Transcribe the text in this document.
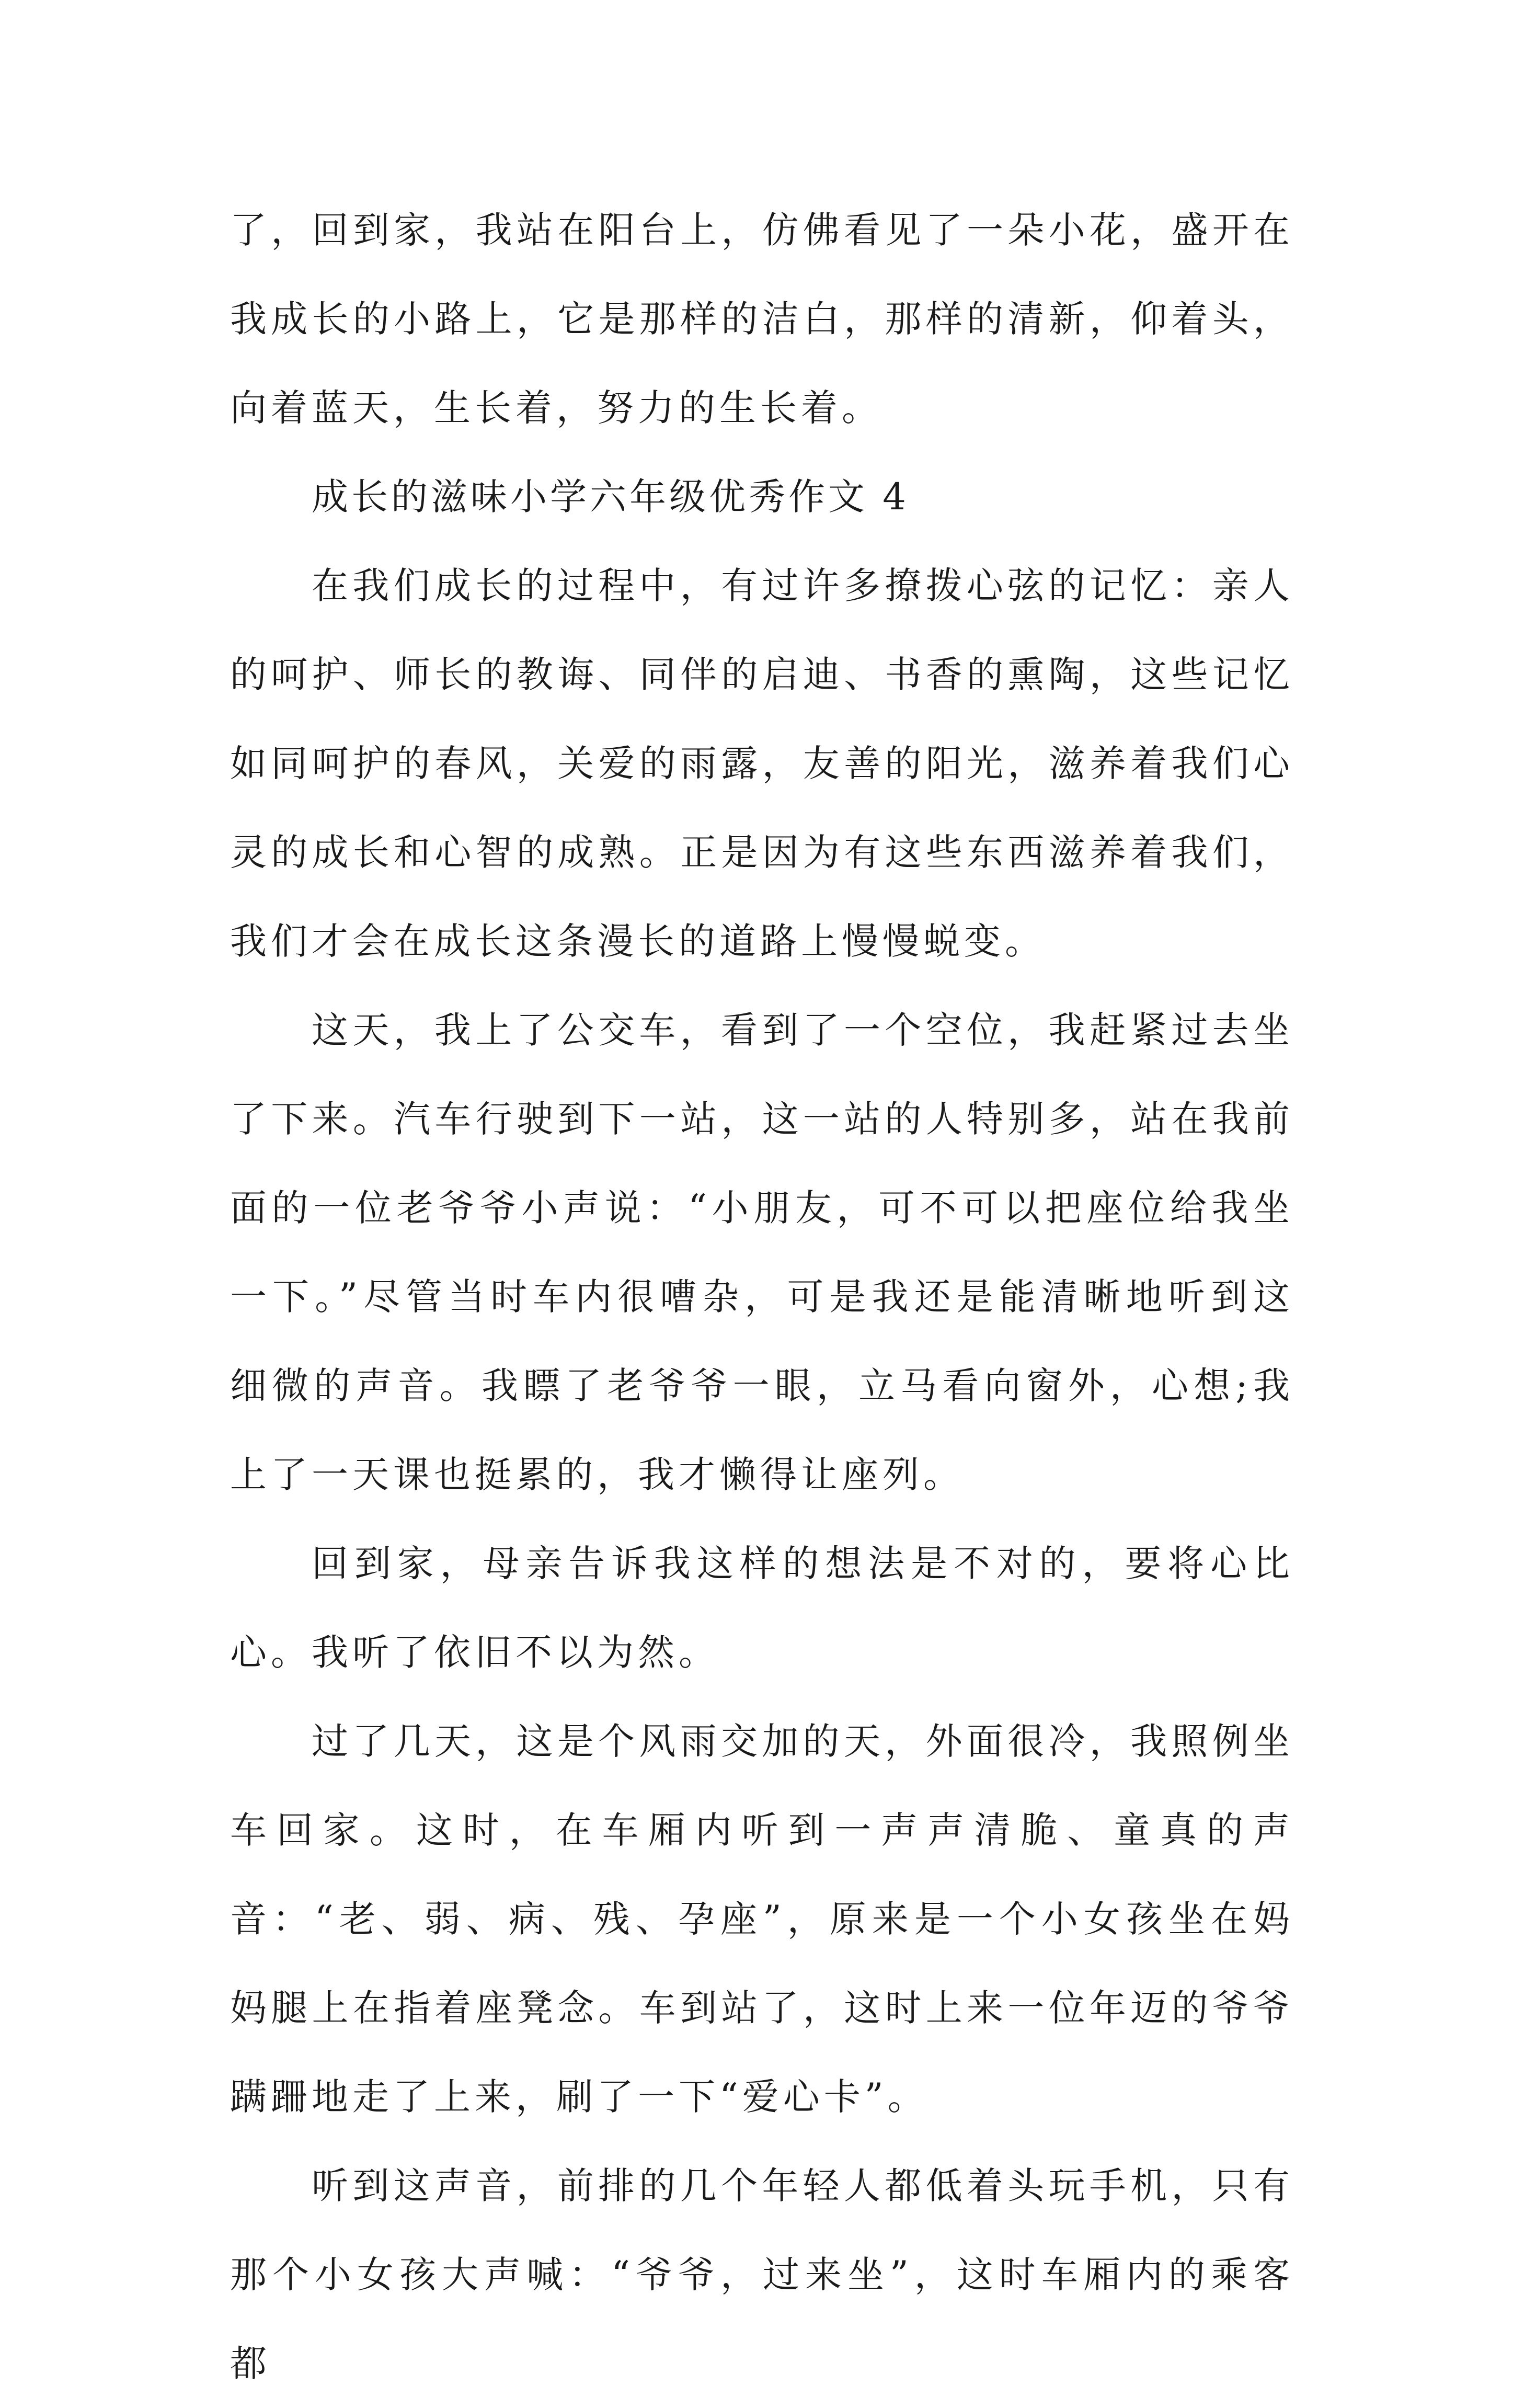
了，回到家，我站在阳台上，仿佛看见了一朵小花，盛开在我成长的小路上，它是那样的洁白，那样的清新，仰着头，向着蓝天，生长着，努力的生长着。

成长的滋味小学六年级优秀作文 4

在我们成长的过程中，有过许多撩拨心弦的记忆：亲人的呵护、师长的教诲、同伴的启迪、书香的熏陶，这些记忆如同呵护的春风，关爱的雨露，友善的阳光，滋养着我们心灵的成长和心智的成熟。正是因为有这些东西滋养着我们，我们才会在成长这条漫长的道路上慢慢蜕变。

这天，我上了公交车，看到了一个空位，我赶紧过去坐了下来。汽车行驶到下一站，这一站的人特别多，站在我前面的一位老爷爷小声说：“小朋友，可不可以把座位给我坐一下。”尽管当时车内很嘈杂，可是我还是能清晰地听到这细微的声音。我瞟了老爷爷一眼，立马看向窗外，心想;我上了一天课也挺累的，我才懒得让座列。

回到家，母亲告诉我这样的想法是不对的，要将心比心。我听了依旧不以为然。

过了几天，这是个风雨交加的天，外面很冷，我照例坐车回家。这时，在车厢内听到一声声清脆、童真的声音：“老、弱、病、残、孕座”，原来是一个小女孩坐在妈妈腿上在指着座凳念。车到站了，这时上来一位年迈的爷爷蹒跚地走了上来，刷了一下“爱心卡”。

听到这声音，前排的几个年轻人都低着头玩手机，只有那个小女孩大声喊：“爷爷，过来坐”，这时车厢内的乘客都
